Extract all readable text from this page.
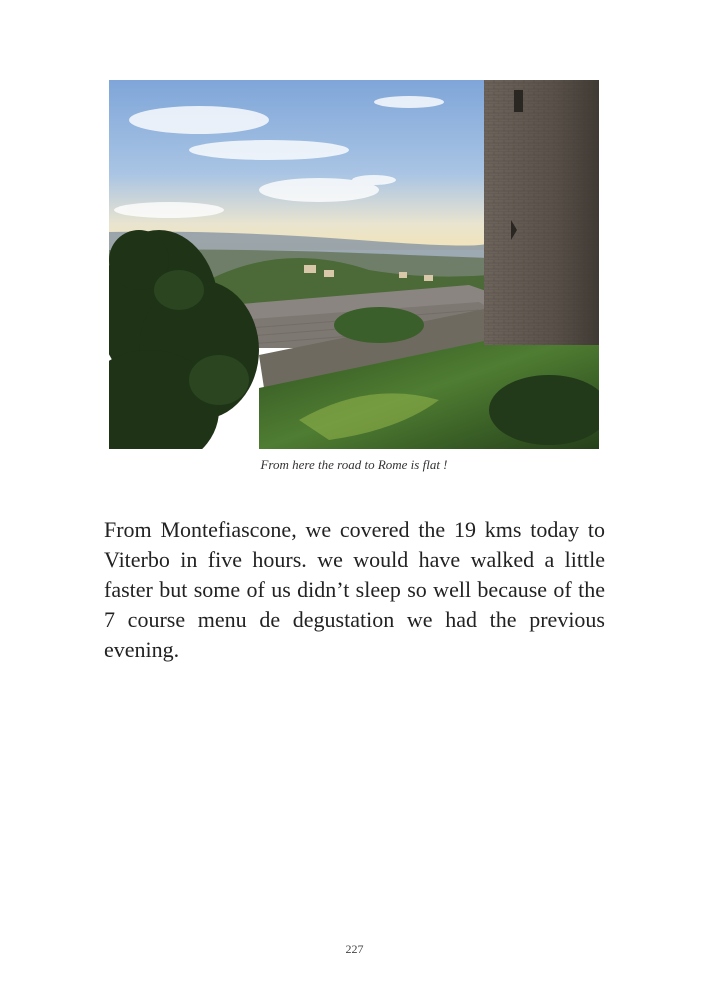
From here the road to Rome is flat !

From Montefiascone, we covered the 19 kms today to Viterbo in five hours. we would have walked a little faster but some of us didn’t sleep so well because of the 7 course menu de degustation we had the previous evening.

227
